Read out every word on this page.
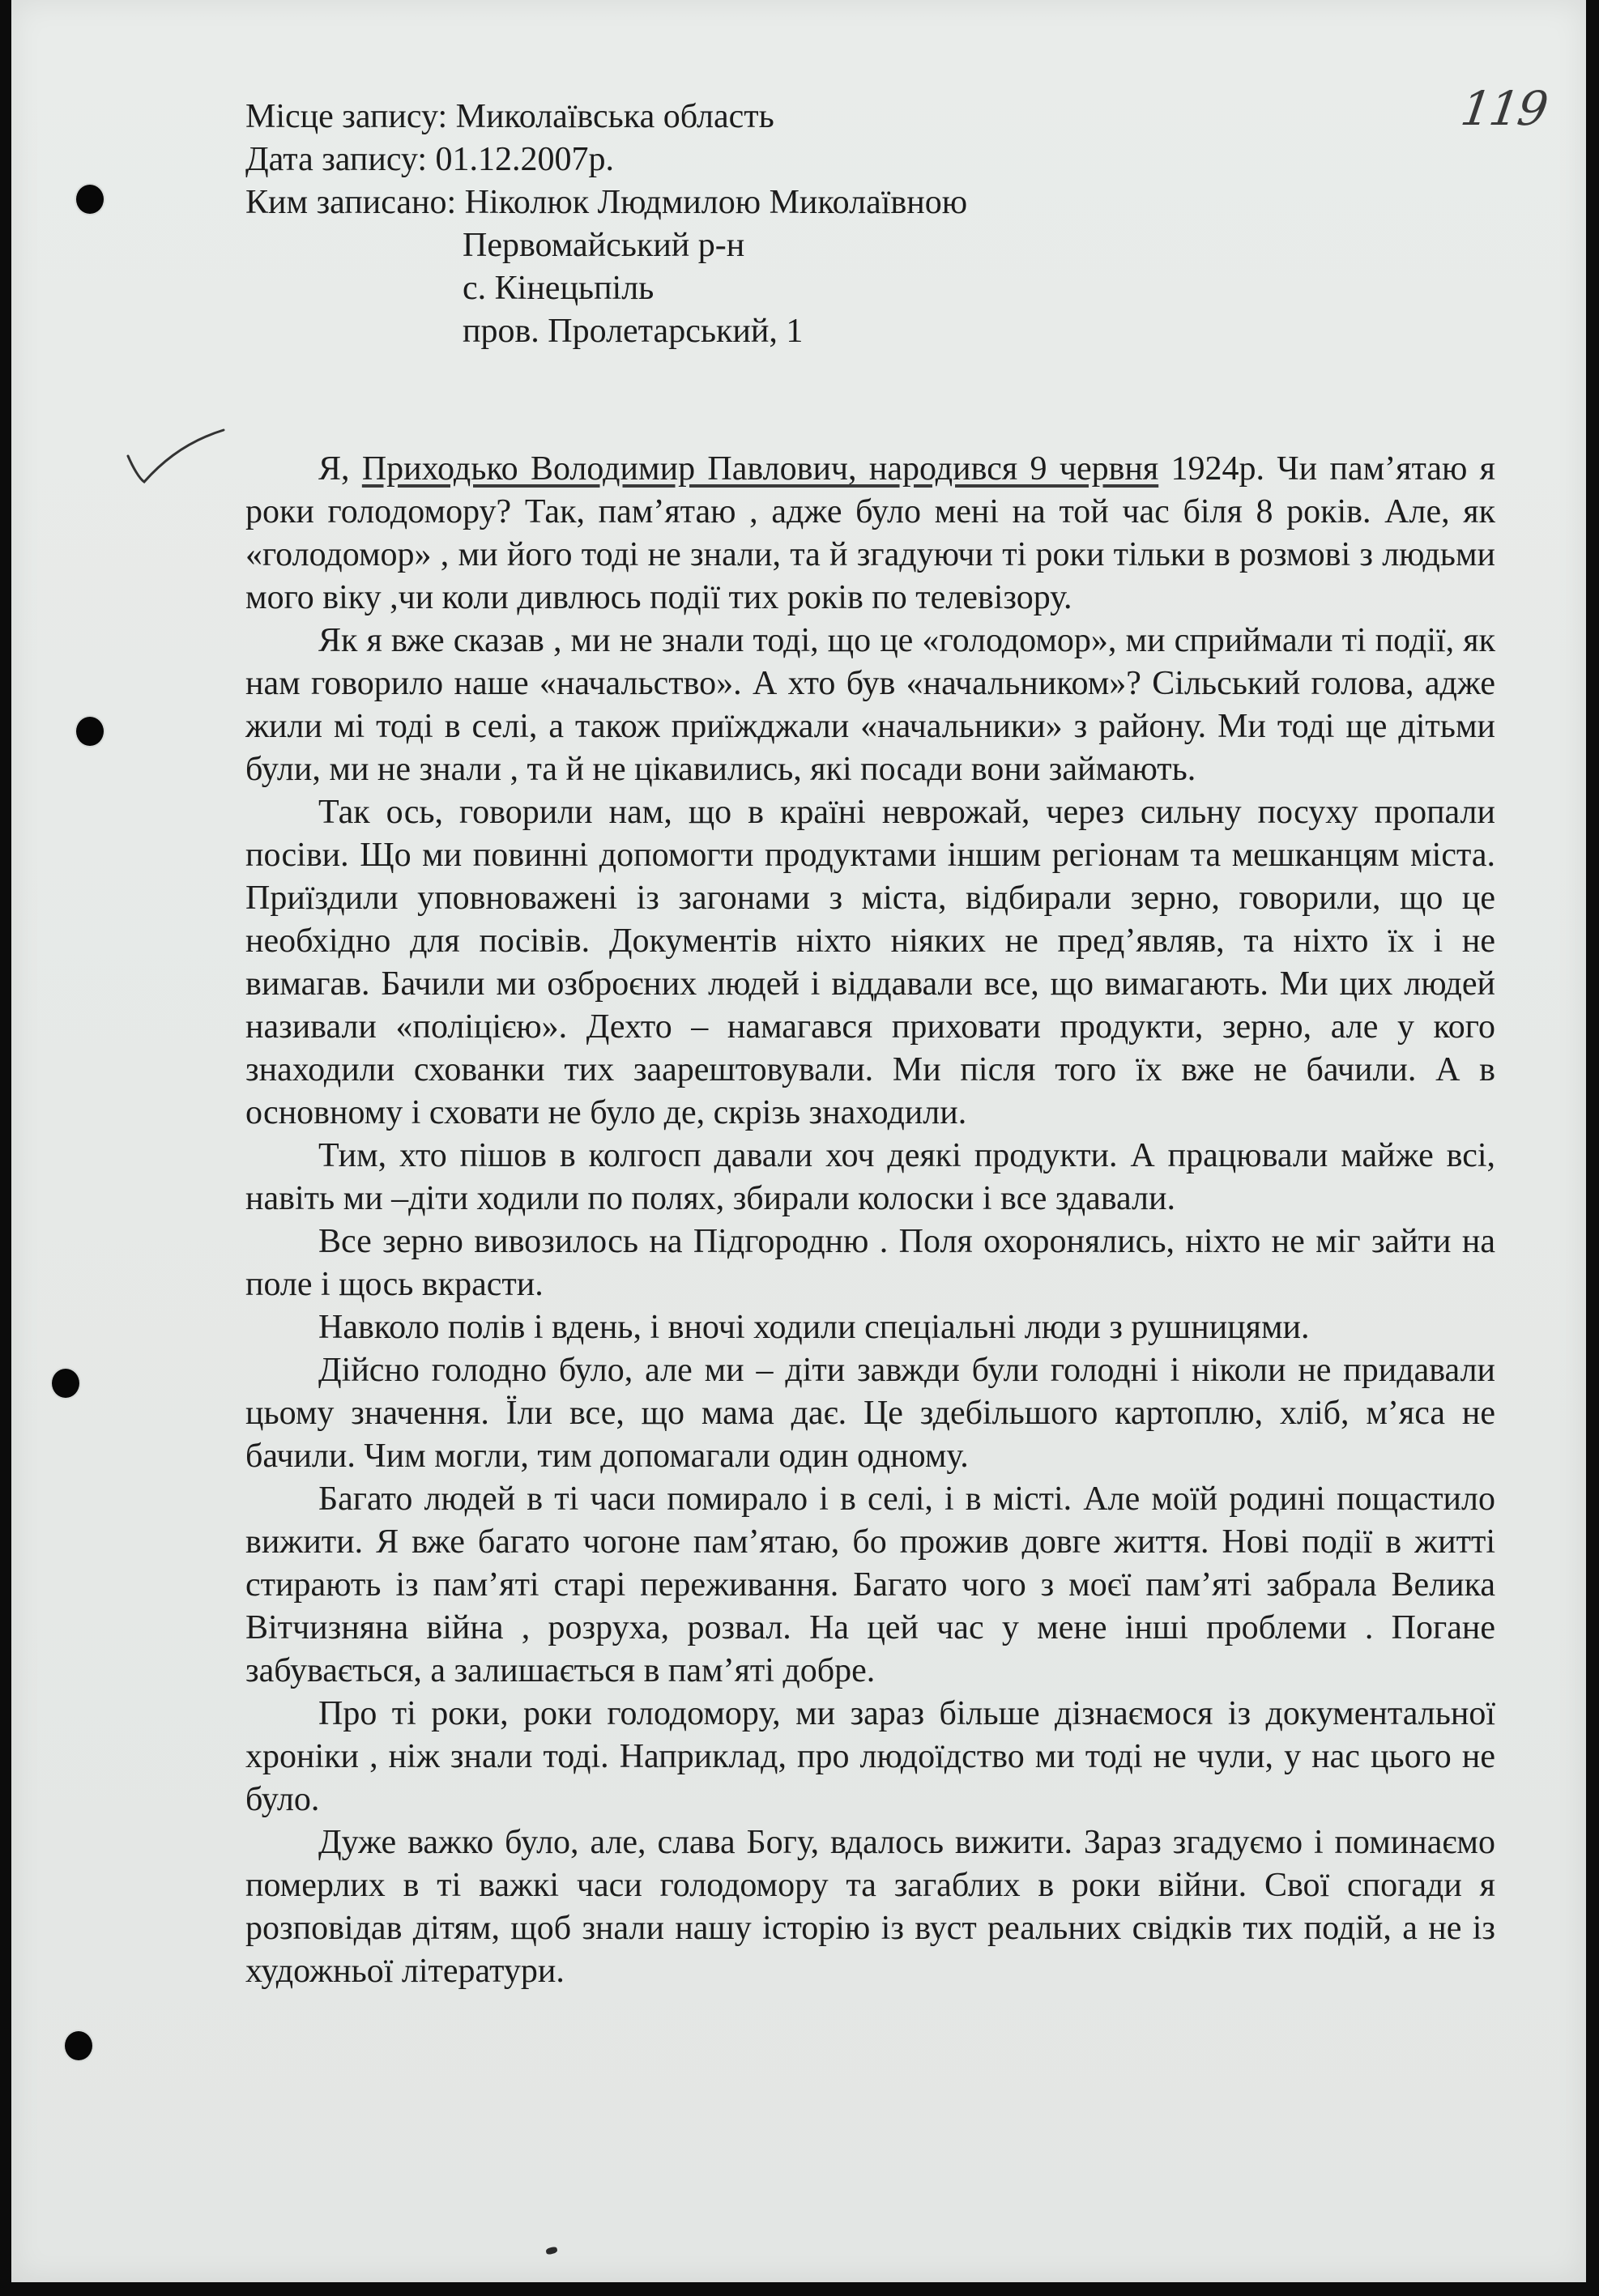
119
Місце запису: Миколаївська область
Дата запису: 01.12.2007р.
Ким записано: Ніколюк Людмилою Миколаївною
Первомайський р-н
с. Кінецьпіль
пров. Пролетарський, 1

Я, Приходько Володимир Павлович, народився 9 червня 1924р. Чи пам’ятаю я роки голодомору? Так, пам’ятаю , адже було мені на той час біля 8 років. Але, як «голодомор» , ми його тоді не знали, та й згадуючи ті роки тільки в розмові з людьми мого віку ,чи коли дивлюсь події тих років по телевізору.

Як я вже сказав , ми не знали тоді, що це «голодомор», ми сприймали ті події, як нам говорило наше «начальство». А хто був «начальником»? Сільський голова, адже жили мі тоді в селі, а також приїжджали «начальники» з району. Ми тоді ще дітьми були, ми не знали , та й не цікавились, які посади вони займають.

Так ось, говорили нам, що в країні неврожай, через сильну посуху пропали посіви. Що ми повинні допомогти продуктами іншим регіонам та мешканцям міста. Приїздили уповноважені із загонами з міста, відбирали зерно, говорили, що це необхідно для посівів. Документів ніхто ніяких не пред’являв, та ніхто їх і не вимагав. Бачили ми озброєних людей і віддавали все, що вимагають. Ми цих людей називали «поліцією». Дехто – намагався приховати продукти, зерно, але у кого знаходили схованки тих заарештовували. Ми після того їх вже не бачили. А в основному і сховати не було де, скрізь знаходили.

Тим, хто пішов в колгосп давали хоч деякі продукти. А працювали майже всі, навіть ми –діти ходили по полях, збирали колоски і все здавали.

Все зерно вивозилось на Підгородню . Поля охоронялись, ніхто не міг зайти на поле і щось вкрасти.

Навколо полів і вдень, і вночі ходили спеціальні люди з рушницями.

Дійсно голодно було, але ми – діти завжди були голодні і ніколи не придавали цьому значення. Їли все, що мама дає. Це здебільшого картоплю, хліб, м’яса не бачили. Чим могли, тим допомагали один одному.

Багато людей в ті часи помирало і в селі, і в місті. Але моїй родині пощастило вижити. Я вже багато чогоне пам’ятаю, бо прожив довге життя. Нові події в житті стирають із пам’яті старі переживання. Багато чого з моєї пам’яті забрала Велика Вітчизняна війна , розруха, розвал. На цей час у мене інші проблеми . Погане забувається, а залишається в пам’яті добре.

Про ті роки, роки голодомору, ми зараз більше дізнаємося із документальної хроніки , ніж знали тоді. Наприклад, про людоїдство ми тоді не чули, у нас цього не було.

Дуже важко було, але, слава Богу, вдалось вижити. Зараз згадуємо і поминаємо померлих в ті важкі часи голодомору та загаблих в роки війни. Свої спогади я розповідав дітям, щоб знали нашу історію із вуст реальних свідків тих подій, а не із художньої літератури.
